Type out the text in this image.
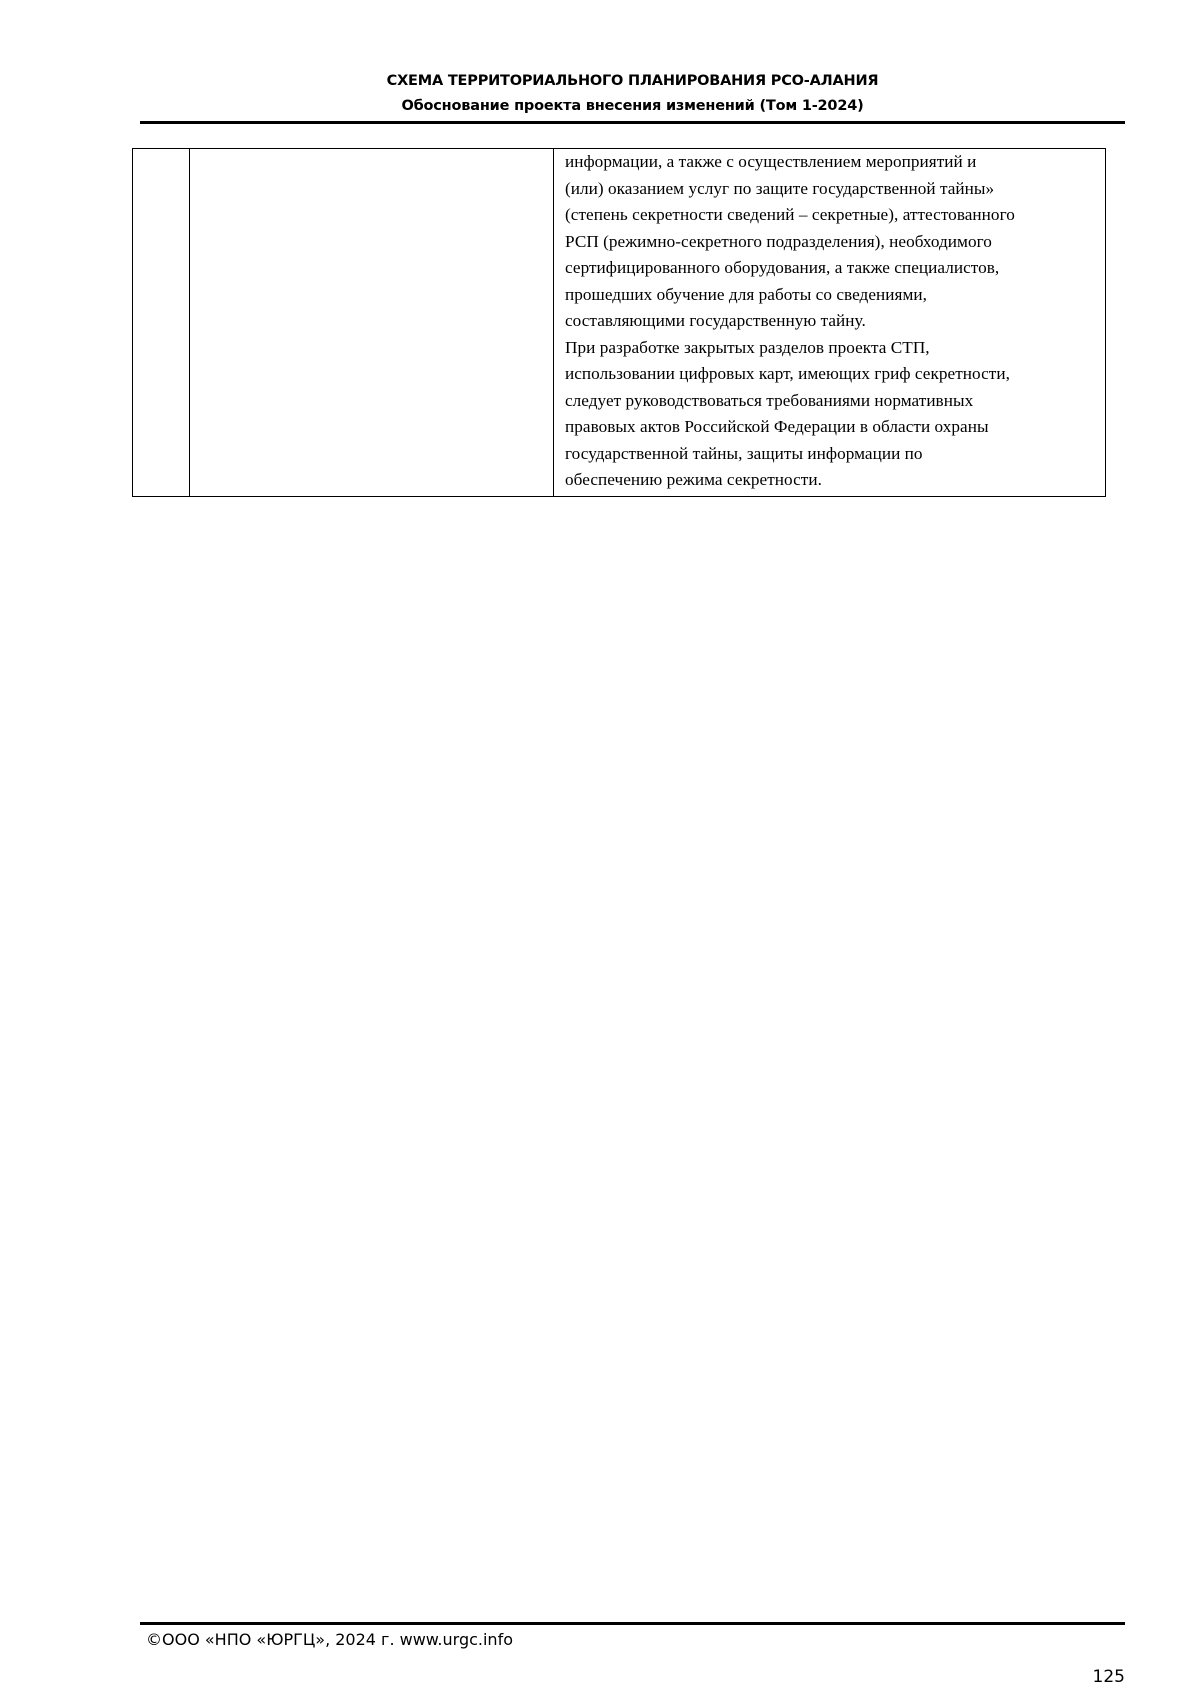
СХЕМА ТЕРРИТОРИАЛЬНОГО ПЛАНИРОВАНИЯ РСО-АЛАНИЯ

Обоснование проекта внесения изменений (Том 1-2024)

информации, а также с осуществлением мероприятий и
(или) оказанием услуг по защите государственной тайны»
(степень секретности сведений – секретные), аттестованного
РСП (режимно-секретного подразделения), необходимого
сертифицированного оборудования, а также специалистов,
прошедших обучение для работы со сведениями,
составляющими государственную тайну.
При разработке закрытых разделов проекта СТП,
использовании цифровых карт, имеющих гриф секретности,
следует руководствоваться требованиями нормативных
правовых актов Российской Федерации в области охраны
государственной тайны, защиты информации по
обеспечению режима секретности.

©ООО «НПО «ЮРГЦ», 2024 г. www.urgc.info

125
